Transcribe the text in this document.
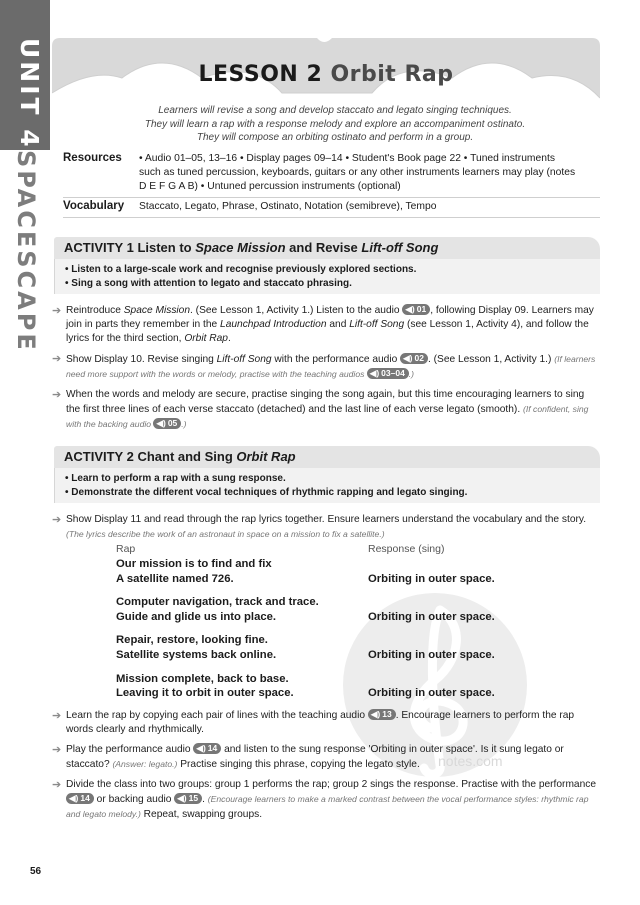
UNIT 4
SPACESCAPE
LESSON 2 Orbit Rap
Learners will revise a song and develop staccato and legato singing techniques.
They will learn a rap with a response melody and explore an accompaniment ostinato.
They will compose an orbiting ostinato and perform in a group.
Resources	• Audio 01–05, 13–16 • Display pages 09–14 • Student's Book page 22 • Tuned instruments
such as tuned percussion, keyboards, guitars or any other instruments learners may play (notes
D E F G A B) • Untuned percussion instruments (optional)
Vocabulary	Staccato, Legato, Phrase, Ostinato, Notation (semibreve), Tempo
ACTIVITY 1 Listen to Space Mission and Revise Lift-off Song
• Listen to a large-scale work and recognise previously explored sections.
• Sing a song with attention to legato and staccato phrasing.
➔ Reintroduce Space Mission. (See Lesson 1, Activity 1.) Listen to the audio ◀) 01 , following Display 09. Learners may join in parts they remember in the Launchpad Introduction and Lift-off Song (see Lesson 1, Activity 4), and follow the lyrics for the third section, Orbit Rap.
➔ Show Display 10. Revise singing Lift-off Song with the performance audio ◀) 02 . (See Lesson 1, Activity 1.) (If learners need more support with the words or melody, practise with the teaching audios ◀) 03–04 .)
➔ When the words and melody are secure, practise singing the song again, but this time encouraging learners to sing the first three lines of each verse staccato (detached) and the last line of each verse legato (smooth). (If confident, sing with the backing audio ◀) 05 .)
ACTIVITY 2 Chant and Sing Orbit Rap
• Learn to perform a rap with a sung response.
• Demonstrate the different vocal techniques of rhythmic rapping and legato singing.
➔ Show Display 11 and read through the rap lyrics together. Ensure learners understand the vocabulary and the story. (The lyrics describe the work of an astronaut in space on a mission to fix a satellite.)
notes.com
Rap	Response (sing)
Our mission is to find and fix
A satellite named 726.	Orbiting in outer space.
Computer navigation, track and trace.
Guide and glide us into place.	Orbiting in outer space.
Repair, restore, looking fine.
Satellite systems back online.	Orbiting in outer space.
Mission complete, back to base.
Leaving it to orbit in outer space.	Orbiting in outer space.
➔ Learn the rap by copying each pair of lines with the teaching audio ◀) 13 . Encourage learners to perform the rap words clearly and rhythmically.
➔ Play the performance audio ◀) 14 and listen to the sung response 'Orbiting in outer space'. Is it sung legato or staccato? (Answer: legato.) Practise singing this phrase, copying the legato style.
➔ Divide the class into two groups: group 1 performs the rap; group 2 sings the response. Practise with the performance ◀) 14 or backing audio ◀) 15 . (Encourage learners to make a marked contrast between the vocal performance styles: rhythmic rap and legato melody.) Repeat, swapping groups.
56
